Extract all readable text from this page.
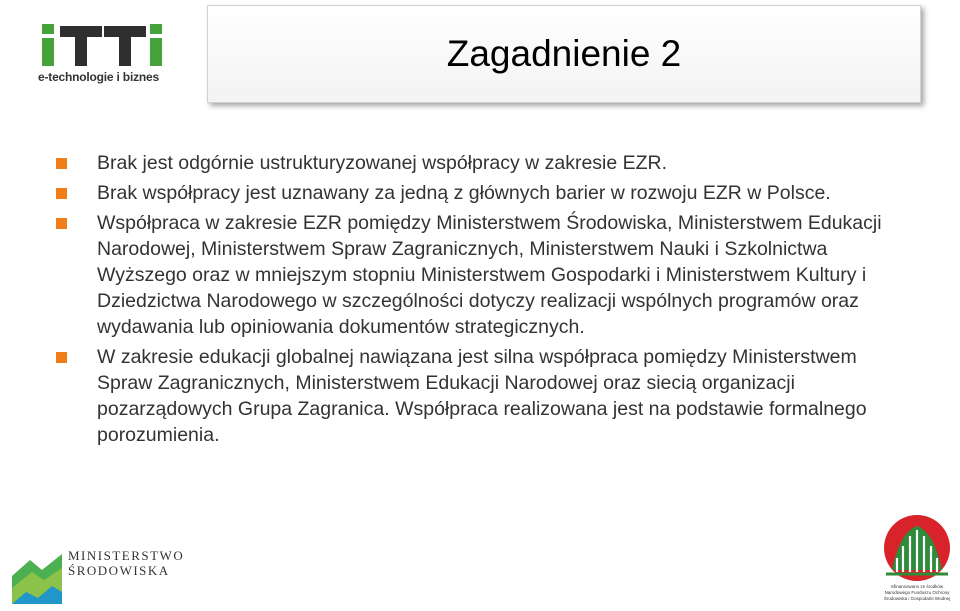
e-technologie i biznes
Zagadnienie 2
Brak jest odgórnie ustrukturyzowanej współpracy w zakresie EZR.
Brak współpracy jest uznawany za jedną z głównych barier w rozwoju EZR w Polsce.
Współpraca w zakresie EZR pomiędzy Ministerstwem Środowiska, Ministerstwem Edukacji Narodowej, Ministerstwem Spraw Zagranicznych, Ministerstwem Nauki i Szkolnictwa Wyższego oraz w mniejszym stopniu Ministerstwem Gospodarki i Ministerstwem Kultury i Dziedzictwa Narodowego w szczególności dotyczy realizacji wspólnych programów oraz wydawania lub opiniowania dokumentów strategicznych.
W zakresie edukacji globalnej nawiązana jest silna współpraca pomiędzy Ministerstwem Spraw Zagranicznych, Ministerstwem Edukacji Narodowej oraz siecią organizacji pozarządowych Grupa Zagranica. Współpraca realizowana jest na podstawie formalnego porozumienia.
MINISTERSTWO
ŚRODOWISKA
Sfinansowano ze środków
Narodowego Funduszu Ochrony
Środowiska i Gospodarki Wodnej
